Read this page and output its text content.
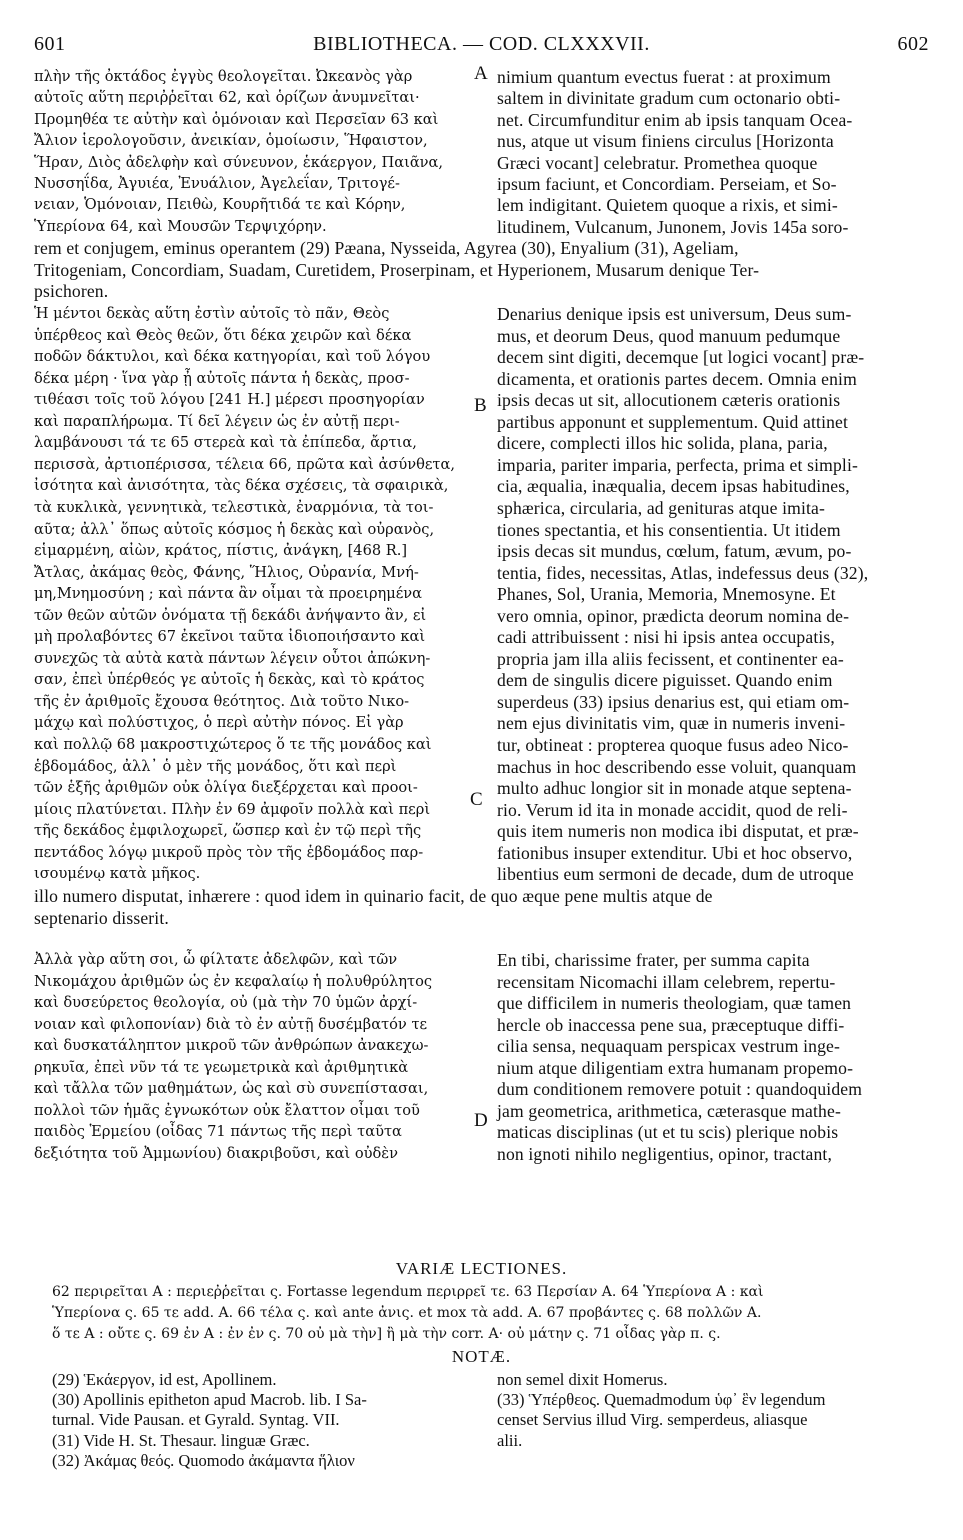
601	BIBLIOTHECA. — COD. CLXXXVII.	602
πλὴν τῆς ὀκτάδος ἐγγὺς θεολογεῖται. Ὠκεανὸς γὰρ
αὐτοῖς αὕτη περιῤῥεῖται 62, καὶ ὁρίζων ἀνυμνεῖται·
Προμηθέα τε αὐτὴν καὶ ὁμόνοιαν καὶ Περσεῖαν 63 καὶ
Ἄλιον ἱερολογοῦσιν, ἀνεικίαν, ὁμοίωσιν, Ἥφαιστον,
Ἥραν, Διὸς ἀδελφὴν καὶ σύνευνον, ἑκάεργον, Παιᾶνα,
Νυσσηΐδα, Ἀγυιέα, Ἐνυάλιον, Ἀγελεΐαν, Τριτογέ-
νειαν, Ὁμόνοιαν, Πειθὼ, Κουρῆτιδά τε καὶ Κόρην,
Ὑπερίονα 64, καὶ Μουσῶν Τερψιχόρην.
nimium quantum evectus fuerat : at proximum
saltem in divinitate gradum cum octonario obti-
net. Circumfunditur enim ab ipsis tanquam Ocea-
nus, atque ut visum finiens circulus [Horizonta
Græci vocant] celebratur. Promethea quoque
ipsum faciunt, et Concordiam. Perseiam, et So-
lem indigitant. Quietem quoque a rixis, et simi-
litudinem, Vulcanum, Junonem, Jovis 145a soro-
rem et conjugem, eminus operantem (29) Pæana, Nysseida, Agyrea (30), Enyalium (31), Ageliam,
Tritogeniam, Concordiam, Suadam, Curetidem, Proserpinam, et Hyperionem, Musarum denique Ter-
psichoren.
Ἡ μέντοι δεκὰς αὕτη ἐστὶν αὐτοῖς τὸ πᾶν, Θεὸς
ὑπέρθεος καὶ Θεὸς θεῶν, ὅτι δέκα χειρῶν καὶ δέκα
ποδῶν δάκτυλοι, καὶ δέκα κατηγορίαι, καὶ τοῦ λόγου
δέκα μέρη · ἵνα γὰρ ᾖ αὐτοῖς πάντα ἡ δεκὰς, προσ-
τιθέασι τοῖς τοῦ λόγου [241 H.] μέρεσι προσηγορίαν
καὶ παραπλήρωμα. Τί δεῖ λέγειν ὡς ἐν αὐτῇ περι-
λαμβάνουσι τά τε 65 στερεὰ καὶ τὰ ἐπίπεδα, ἄρτια,
περισσὰ, ἀρτιοπέρισσα, τέλεια 66, πρῶτα καὶ ἀσύνθετα,
ἰσότητα καὶ ἀνισότητα, τὰς δέκα σχέσεις, τὰ σφαιρικὰ,
τὰ κυκλικὰ, γεννητικὰ, τελεστικὰ, ἐναρμόνια, τὰ τοι-
αῦτα; ἀλλ᾽ ὅπως αὐτοῖς κόσμος ἡ δεκὰς καὶ οὐρανὸς,
εἱμαρμένη, αἰὼν, κράτος, πίστις, ἀνάγκη, [468 R.]
Ἄτλας, ἀκάμας θεὸς, Φάνης, Ἥλιος, Οὐρανία, Μνή-
μη,Μνημοσύνη ; καὶ πάντα ἂν οἶμαι τὰ προειρημένα
τῶν θεῶν αὐτῶν ὀνόματα τῇ δεκάδι ἀνήψαντο ἂν, εἰ
μὴ προλαβόντες 67 ἐκεῖνοι ταῦτα ἰδιοποιήσαντο καὶ
συνεχῶς τὰ αὐτὰ κατὰ πάντων λέγειν οὗτοι ἀπώκνη-
σαν, ἐπεὶ ὑπέρθεός γε αὐτοῖς ἡ δεκὰς, καὶ τὸ κράτος
τῆς ἐν ἀριθμοῖς ἔχουσα θεότητος. Διὰ τοῦτο Νικο-
μάχῳ καὶ πολύστιχος, ὁ περὶ αὐτὴν πόνος. Εἰ γὰρ
καὶ πολλῷ 68 μακροστιχώτερος ὅ τε τῆς μονάδος καὶ
ἑβδομάδος, ἀλλ᾽ ὁ μὲν τῆς μονάδος, ὅτι καὶ περὶ
τῶν ἑξῆς ἀριθμῶν οὐκ ὀλίγα διεξέρχεται καὶ προοι-
μίοις πλατύνεται. Πλὴν ἐν 69 ἀμφοῖν πολλὰ καὶ περὶ
τῆς δεκάδος ἐμφιλοχωρεῖ, ὥσπερ καὶ ἐν τῷ περὶ τῆς
πεντάδος λόγῳ μικροῦ πρὸς τὸν τῆς ἑβδομάδος παρ-
ισουμένῳ κατὰ μῆκος.
Denarius denique ipsis est universum, Deus sum-
mus, et deorum Deus, quod manuum pedumque
decem sint digiti, decemque [ut logici vocant] præ-
dicamenta, et orationis partes decem. Omnia enim
ipsis decas ut sit, allocutionem cæteris orationis
partibus apponunt et supplementum. Quid attinet
dicere, complecti illos hic solida, plana, paria,
imparia, pariter imparia, perfecta, prima et simpli-
cia, æqualia, inæqualia, decem ipsas habitudines,
sphærica, circularia, ad genituras atque imita-
tiones spectantia, et his consentientia. Ut itidem
ipsis decas sit mundus, cœlum, fatum, ævum, po-
tentia, fides, necessitas, Atlas, indefessus deus (32),
Phanes, Sol, Urania, Memoria, Mnemosyne. Et
vero omnia, opinor, prædicta deorum nomina de-
cadi attribuissent : nisi hi ipsis antea occupatis,
propria jam illa aliis fecissent, et continenter ea-
dem de singulis dicere piguisset. Quando enim
superdeus (33) ipsius denarius est, qui etiam om-
nem ejus divinitatis vim, quæ in numeris inveni-
tur, obtineat : propterea quoque fusus adeo Nico-
machus in hoc describendo esse voluit, quanquam
multo adhuc longior sit in monade atque septena-
rio. Verum id ita in monade accidit, quod de reli-
quis item numeris non modica ibi disputat, et præ-
fationibus insuper extenditur. Ubi et hoc observo,
libentius eum sermoni de decade, dum de utroque
illo numero disputat, inhærere : quod idem in quinario facit, de quo æque pene multis atque de
septenario disserit.
Ἀλλὰ γὰρ αὕτη σοι, ὦ φίλτατε ἀδελφῶν, καὶ τῶν
Νικομάχου ἀριθμῶν ὡς ἐν κεφαλαίῳ ἡ πολυθρύλητος
καὶ δυσεύρετος θεολογία, οὐ (μὰ τὴν 70 ὑμῶν ἀρχί-
νοιαν καὶ φιλοπονίαν) διὰ τὸ ἐν αὐτῇ δυσέμβατόν τε
καὶ δυσκατάληπτον μικροῦ τῶν ἀνθρώπων ἀνακεχω-
ρηκυῖα, ἐπεὶ νῦν τά τε γεωμετρικὰ καὶ ἀριθμητικὰ
καὶ τἄλλα τῶν μαθημάτων, ὡς καὶ σὺ συνεπίστασαι,
πολλοὶ τῶν ἡμᾶς ἐγνωκότων οὐκ ἔλαττον οἶμαι τοῦ
παιδὸς Ἑρμείου (οἶδας 71 πάντως τῆς περὶ ταῦτα
δεξιότητα τοῦ Ἀμμωνίου) διακριβοῦσι, καὶ οὐδὲν
En tibi, charissime frater, per summa capita
recensitam Nicomachi illam celebrem, repertu-
que difficilem in numeris theologiam, quæ tamen
hercle ob inaccessa pene sua, præceptuque diffi-
cilia sensa, nequaquam perspicax vestrum inge-
nium atque diligentiam extra humanam propemo-
dum conditionem removere potuit : quandoquidem
jam geometrica, arithmetica, cæterasque mathe-
maticas disciplinas (ut et tu scis) plerique nobis
non ignoti nihilo negligentius, opinor, tractant,
62 περιρεῖται A : περιεῤῥεῖται ς. Fortasse legendum περιρρεῖ τε. 63 Περσίαν A. 64 Ὑπερίονα A : καὶ
Ὑπερίονα ς. 65 τε add. A. 66 τέλα ς. καὶ ante ἀνις. et mox τὰ add. A. 67 προβάντες ς. 68 πολλῶν A.
ὅ τε A : οὔτε ς. 69 ἐν A : ἐν ἐν ς. 70 οὐ μὰ τὴν] ἢ μὰ τὴν corr. A· οὐ μάτην ς. 71 οἶδας γὰρ π. ς.
(29) Ἑκάεργον, id est, Apollinem.
(30) Apollinis epitheton apud Macrob. lib. I Sa-
turnal. Vide Pausan. et Gyrald. Syntag. VII.
(31) Vide H. St. Thesaur. linguæ Græc.
(32) Ἀκάμας θεός. Quomodo ἀκάμαντα ἥλιον
non semel dixit Homerus.
(33) Ὑπέρθεος. Quemadmodum ὑφ᾽ ἓν legendum
censet Servius illud Virg. semperdeus, aliasque
alii.
A
B
C
D
VARIÆ LECTIONES.
NOTÆ.
